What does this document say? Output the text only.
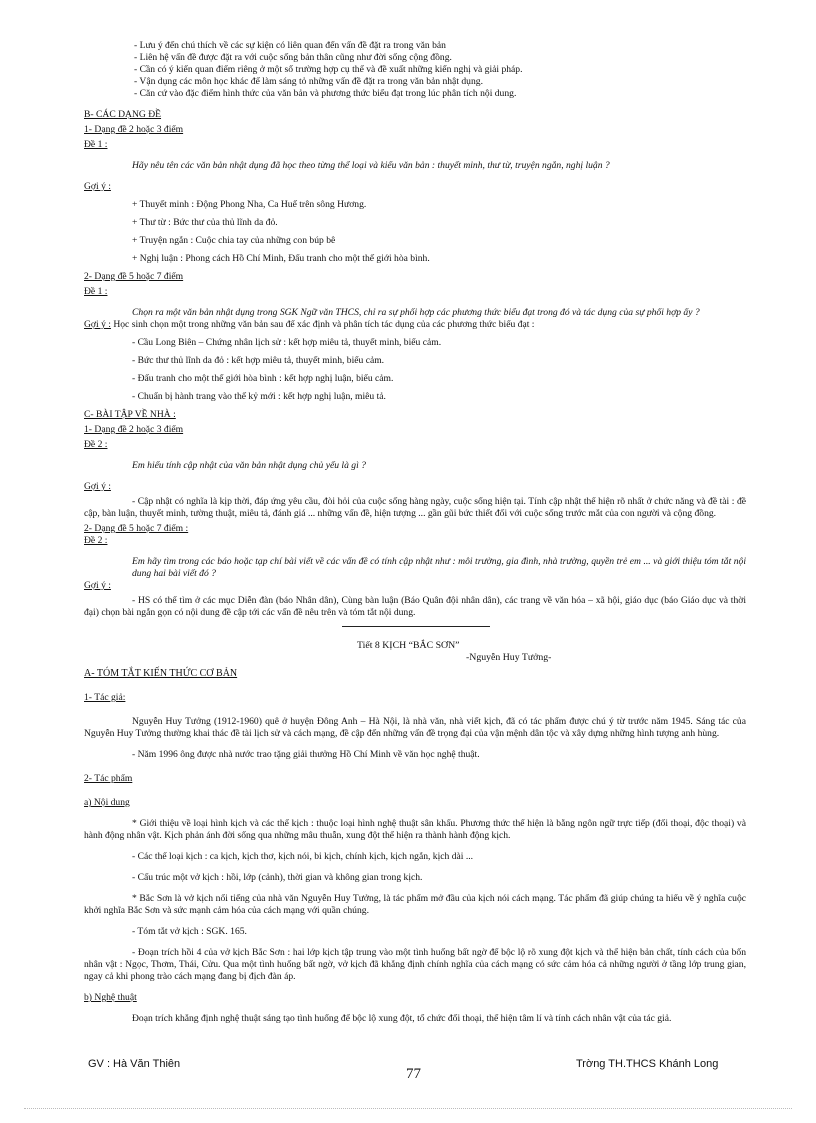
- Lưu ý đến chú thích về các sự kiện có liên quan đến vấn đề đặt ra trong văn bản
- Liên hệ vấn đề được đặt ra với cuộc sống bản thân cũng như đời sống cộng đồng.
- Cần có ý kiến quan điểm riêng ở một số trường hợp cụ thể và đề xuất những kiến nghị và giải pháp.
- Vận dụng các môn học khác để làm sáng tỏ những vấn đề đặt ra trong văn bản nhật dụng.
- Căn cứ vào đặc điểm hình thức của văn bản và phương thức biểu đạt trong lúc phân tích nội dung.
B- CÁC DẠNG ĐỀ
1- Dạng đề 2 hoặc 3 điểm
Đề 1 :
Hãy nêu tên các văn bản nhật dụng đã học theo từng thể loại và kiểu văn bản : thuyết minh, thư từ, truyện ngắn, nghị luận ?
Gợi ý :
+ Thuyết minh : Động Phong Nha, Ca Huế trên sông Hương.
+ Thư từ : Bức thư của thủ lĩnh da đỏ.
+ Truyện ngắn : Cuộc chia tay của những con búp bê
+ Nghị luận : Phong cách Hồ Chí Minh, Đấu tranh cho một thế giới hòa bình.
2- Dạng đề 5 hoặc 7 điểm
Đề 1 :
Chọn ra một văn bản nhật dụng trong SGK Ngữ văn THCS, chỉ ra sự phối hợp các phương thức biểu đạt trong đó và tác dụng của sự phối hợp ấy ?
Gợi ý : Học sinh chọn một trong những văn bản sau để xác định và phân tích tác dụng của các phương thức biểu đạt :
- Cầu Long Biên – Chứng nhân lịch sử : kết hợp miêu tả, thuyết minh, biểu cảm.
- Bức thư thủ lĩnh da đỏ : kết hợp miêu tả, thuyết minh, biểu cảm.
- Đấu tranh cho một thế giới hòa bình : kết hợp nghị luận, biểu cảm.
- Chuẩn bị hành trang vào thế kỷ mới : kết hợp nghị luận, miêu tả.
C- BÀI TẬP VỀ NHÀ :
1- Dạng đề 2 hoặc 3 điểm
Đề 2 :
Em hiểu tính cập nhật của văn bản nhật dụng chủ yếu là gì ?
Gợi ý :
- Cập nhật có nghĩa là kịp thời, đáp ứng yêu cầu, đòi hỏi của cuộc sống hàng ngày, cuộc sống hiện tại. Tính cập nhật thể hiện rõ nhất ở chức năng và đề tài : đề cập, bàn luận, thuyết minh, tường thuật, miêu tả, đánh giá ... những vấn đề, hiện tượng ... gần gũi bức thiết đối với cuộc sống trước mắt của con người và cộng đồng.
2- Dạng đề 5 hoặc 7 điểm :
Đề 2 :
Em hãy tìm trong các báo hoặc tạp chí bài viết về các vấn đề có tính cập nhật như : môi trường, gia đình, nhà trường, quyền trẻ em ... và giới thiệu tóm tắt nội dung hai bài viết đó ?
Gợi ý :
- HS có thể tìm ở các mục Diễn đàn (báo Nhân dân), Cùng bàn luận (Báo Quân đội nhân dân), các trang về văn hóa – xã hội, giáo dục (báo Giáo dục và thời đại) chọn bài ngắn gọn có nội dung đề cập tới các vấn đề nêu trên và tóm tắt nội dung.
Tiết 8 KỊCH “BẮC SƠN”
-Nguyễn Huy Tưởng-
A- TÓM TẮT KIẾN THỨC CƠ BẢN
1- Tác giả:
Nguyễn Huy Tưởng (1912-1960) quê ở huyện Đông Anh – Hà Nội, là nhà văn, nhà viết kịch, đã có tác phẩm được chú ý từ trước năm 1945. Sáng tác của Nguyễn Huy Tưởng thường khai thác đề tài lịch sử và cách mạng, đề cập đến những vấn đề trọng đại của vận mệnh dân tộc và xây dựng những hình tượng anh hùng.
- Năm 1996 ông được nhà nước trao tặng giải thưởng Hồ Chí Minh về văn học nghệ thuật.
2- Tác phẩm
a) Nội dung
* Giới thiệu về loại hình kịch và các thể kịch : thuộc loại hình nghệ thuật sân khấu. Phương thức thể hiện là bằng ngôn ngữ trực tiếp (đối thoại, độc thoại) và hành động nhân vật. Kịch phản ánh đời sống qua những mâu thuẫn, xung đột thể hiện ra thành hành động kịch.
- Các thể loại kịch : ca kịch, kịch thơ, kịch nói, bi kịch, chính kịch, kịch ngắn, kịch dài ...
- Cấu trúc một vở kịch : hồi, lớp (cảnh), thời gian và không gian trong kịch.
* Bắc Sơn là vở kịch nổi tiếng của nhà văn Nguyễn Huy Tưởng, là tác phẩm mở đầu của kịch nói cách mạng. Tác phẩm đã giúp chúng ta hiểu về ý nghĩa cuộc khởi nghĩa Bắc Sơn và sức mạnh cảm hóa của cách mạng với quần chúng.
- Tóm tắt vở kịch : SGK. 165.
- Đoạn trích hồi 4 của vở kịch Bắc Sơn : hai lớp kịch tập trung vào một tình huống bất ngờ để bộc lộ rõ xung đột kịch và thể hiện bản chất, tính cách của bốn nhân vật : Ngọc, Thơm, Thái, Cửu. Qua một tình huống bất ngờ, vở kịch đã khẳng định chính nghĩa của cách mạng có sức cảm hóa cả những người ở tầng lớp trung gian, ngay cả khi phong trào cách mạng đang bị địch đàn áp.
b) Nghệ thuật
Đoạn trích khẳng định nghệ thuật sáng tạo tình huống để bộc lộ xung đột, tổ chức đối thoại, thể hiện tâm lí và tính cách nhân vật của tác giả.
GV : Hà Văn Thiên
77
Trờng TH.THCS Khánh Long
